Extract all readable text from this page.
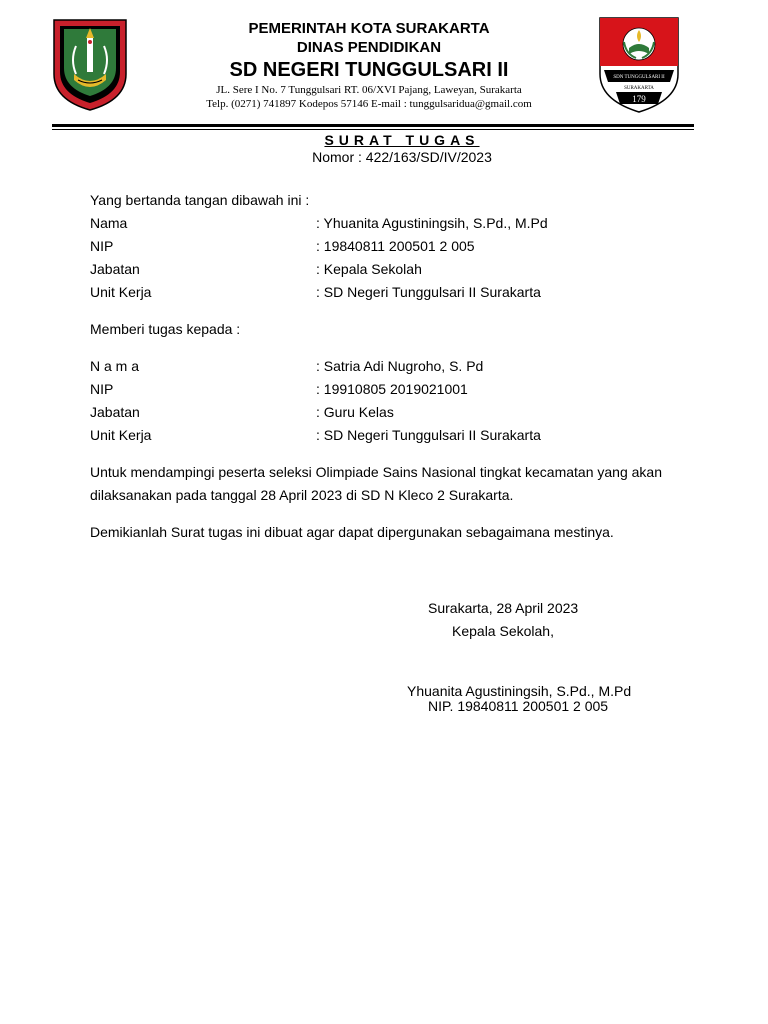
PEMERINTAH KOTA SURAKARTA
DINAS PENDIDIKAN
SD NEGERI TUNGGULSARI II
JL. Sere I No. 7 Tunggulsari RT. 06/XVI Pajang, Laweyan, Surakarta
Telp. (0271) 741897 Kodepos 57146 E-mail : tunggulsaridua@gmail.com
SDN TUNGGULSARI II
SURAKARTA
179
SURAT TUGAS
Nomor : 422/163/SD/IV/2023
Yang bertanda tangan dibawah ini :
Nama	: Yhuanita Agustiningsih, S.Pd., M.Pd
NIP	: 19840811 200501 2 005
Jabatan	: Kepala Sekolah
Unit Kerja	: SD Negeri Tunggulsari II Surakarta
Memberi tugas kepada :
N a m a	: Satria Adi Nugroho, S. Pd
NIP	: 19910805 2019021001
Jabatan	: Guru Kelas
Unit Kerja	: SD Negeri Tunggulsari II Surakarta
Untuk mendampingi peserta seleksi Olimpiade Sains Nasional tingkat kecamatan yang akan
dilaksanakan pada tanggal 28 April 2023 di SD N Kleco 2 Surakarta.
Demikianlah Surat tugas ini dibuat agar dapat dipergunakan sebagaimana mestinya.
Surakarta, 28 April 2023
Kepala Sekolah,
Yhuanita Agustiningsih, S.Pd., M.Pd
NIP. 19840811 200501 2 005
